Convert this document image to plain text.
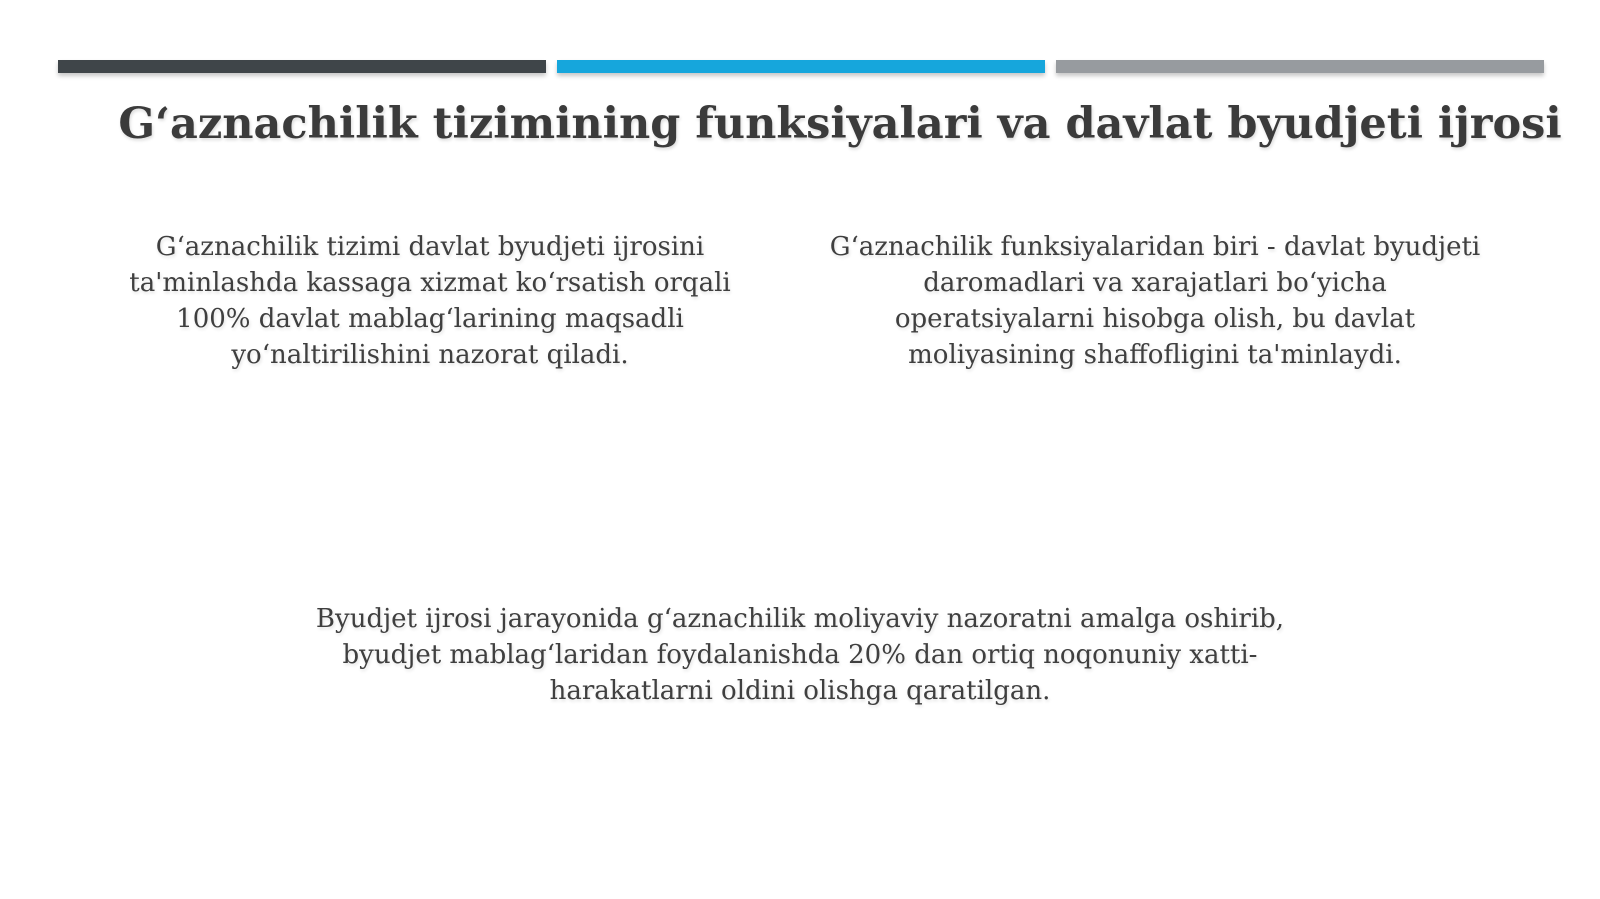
G‘aznachilik tizimining funksiyalari va davlat byudjeti ijrosi

G‘aznachilik tizimi davlat byudjeti ijrosini ta'minlashda kassaga xizmat ko‘rsatish orqali 100% davlat mablag‘larining maqsadli yo‘naltirilishini nazorat qiladi.

G‘aznachilik funksiyalaridan biri - davlat byudjeti daromadlari va xarajatlari bo‘yicha operatsiyalarni hisobga olish, bu davlat moliyasining shaffofligini ta'minlaydi.

Byudjet ijrosi jarayonida g‘aznachilik moliyaviy nazoratni amalga oshirib, byudjet mablag‘laridan foydalanishda 20% dan ortiq noqonuniy xatti-harakatlarni oldini olishga qaratilgan.
